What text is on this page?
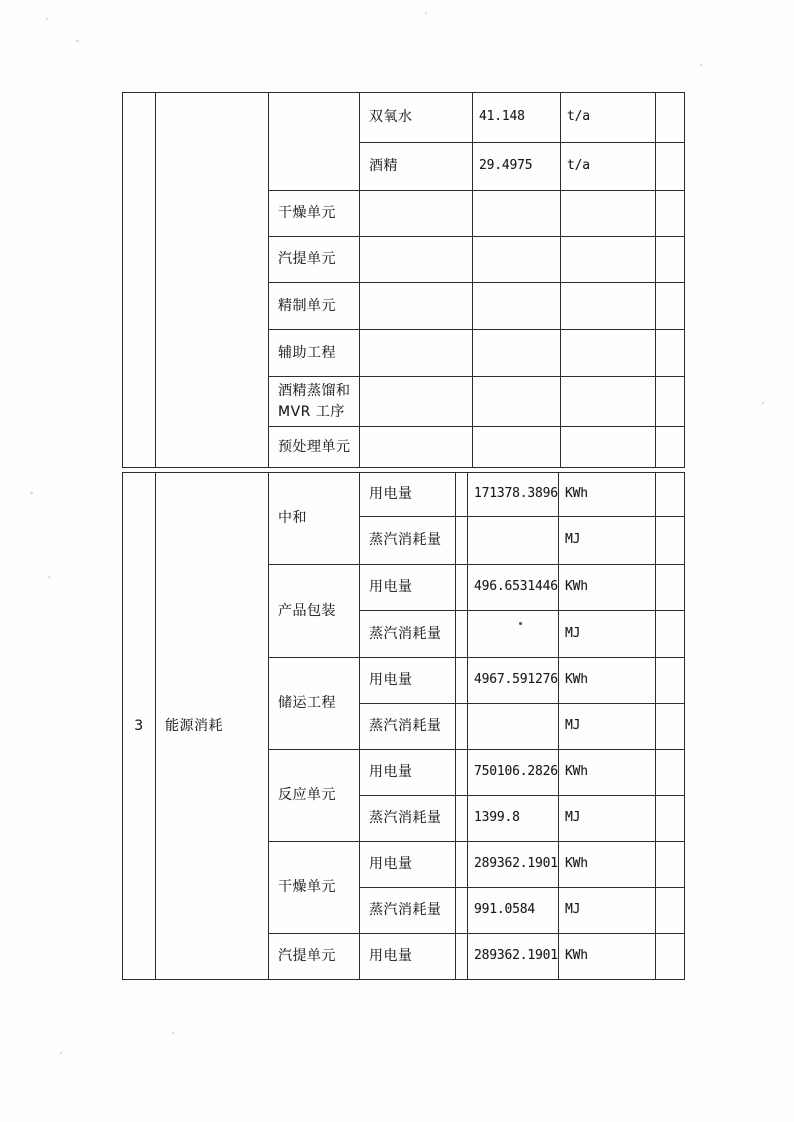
			双氧水	41.148	t/a	
			酒精	29.4975	t/a	
		干燥单元				
		汽提单元				
		精制单元				
		辅助工程				
		酒精蒸馏和MVR 工序				
		预处理单元				
3	能源消耗	中和	用电量		171378.3896	KWh	
			蒸汽消耗量			MJ	
		产品包装	用电量		496.6531446	KWh	
			蒸汽消耗量			MJ	
		储运工程	用电量		4967.591276	KWh	
			蒸汽消耗量			MJ	
		反应单元	用电量		750106.2826	KWh	
			蒸汽消耗量		1399.8	MJ	
		干燥单元	用电量		289362.1901	KWh	
			蒸汽消耗量		991.0584	MJ	
		汽提单元	用电量		289362.1901	KWh	
